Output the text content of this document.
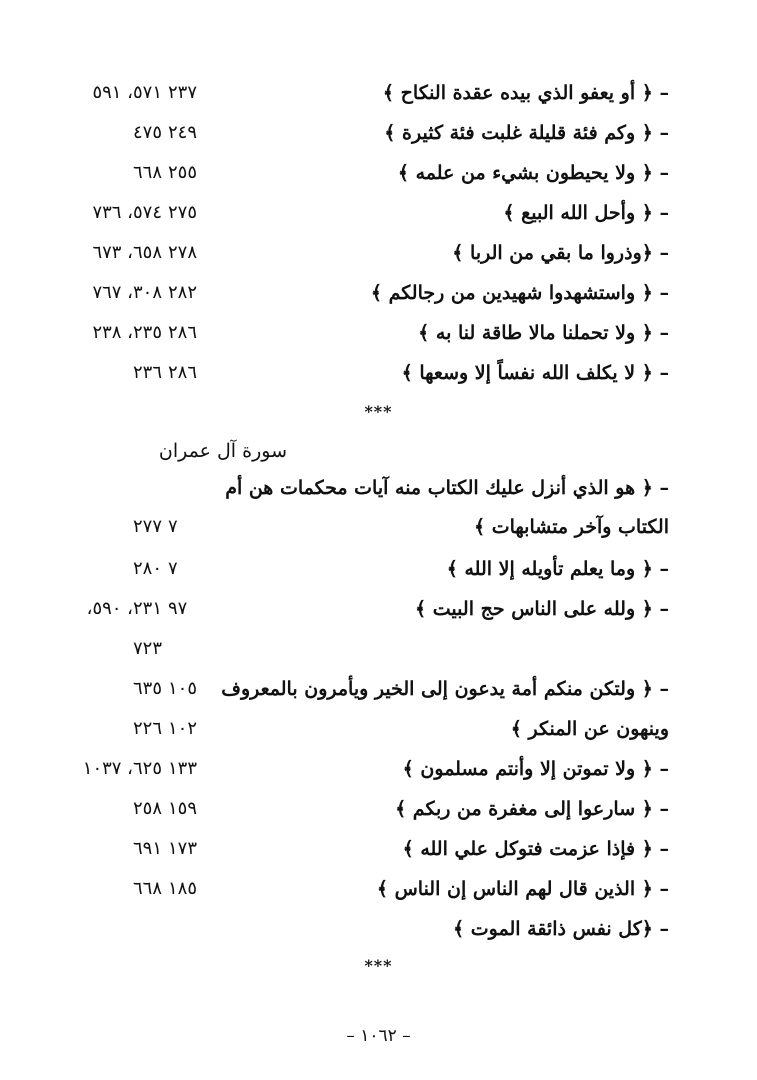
– ﴿ أو يعفو الذي بيده عقدة النكاح ﴾
٢٣٧
٥٧١، ٥٩١
– ﴿ وكم فئة قليلة غلبت فئة كثيرة ﴾
٢٤٩
٤٧٥
– ﴿ ولا يحيطون بشيء من علمه ﴾
٢٥٥
٦٦٨
– ﴿ وأحل الله البيع ﴾
٢٧٥
٥٧٤، ٧٣٦
– ﴿وذروا ما بقي من الربا ﴾
٢٧٨
٦٥٨، ٦٧٣
– ﴿ واستشهدوا شهيدين من رجالكم ﴾
٢٨٢
٣٠٨، ٧٦٧
– ﴿ ولا تحملنا مالا طاقة لنا به ﴾
٢٨٦
٢٣٥، ٢٣٨
– ﴿ لا يكلف الله نفساً إلا وسعها ﴾
٢٨٦
٢٣٦
***
سورة آل عمران
– ﴿ هو الذي أنزل عليك الكتاب منه آيات محكمات هن أم
الكتاب وآخر متشابهات ﴾
٧
٢٧٧
– ﴿ وما يعلم تأويله إلا الله ﴾
٧
٢٨٠
– ﴿ ولله على الناس حج البيت ﴾
٩٧
٢٣١، ٥٩٠،
٧٢٣
– ﴿ ولتكن منكم أمة يدعون إلى الخير ويأمرون بالمعروف
١٠٥
٦٣٥
وينهون عن المنكر ﴾
١٠٢
٢٢٦
– ﴿ ولا تموتن إلا وأنتم مسلمون ﴾
١٣٣
٦٢٥، ١٠٣٧
– ﴿ سارعوا إلى مغفرة من ربكم ﴾
١٥٩
٢٥٨
– ﴿ فإذا عزمت فتوكل علي الله ﴾
١٧٣
٦٩١
– ﴿ الذين قال لهم الناس إن الناس ﴾
١٨٥
٦٦٨
– ﴿كل نفس ذائقة الموت ﴾
***
– ١٠٦٢ –
